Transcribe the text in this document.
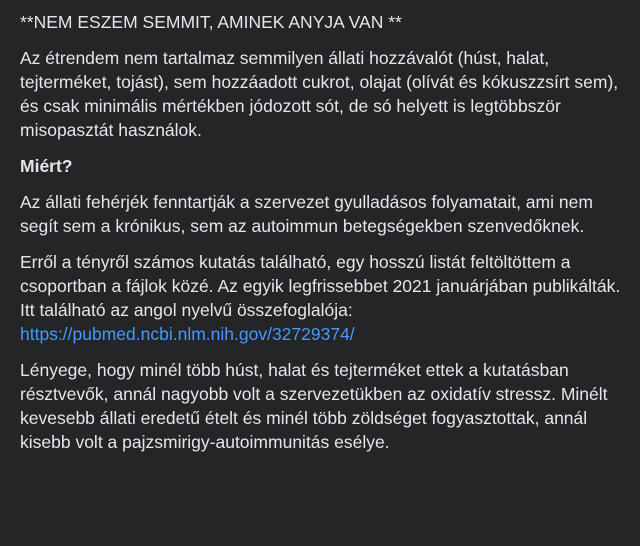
**NEM ESZEM SEMMIT, AMINEK ANYJA VAN **

Az étrendem nem tartalmaz semmilyen állati hozzávalót (húst, halat, tejterméket, tojást), sem hozzáadott cukrot, olajat (olívát és kókuszzsírt sem), és csak minimális mértékben jódozott sót, de só helyett is legtöbbször misopasztát használok.

Miért?

Az állati fehérjék fenntartják a szervezet gyulladásos folyamatait, ami nem segít sem a krónikus, sem az autoimmun betegségekben szenvedőknek.

Erről a tényről számos kutatás található, egy hosszú listát feltöltöttem a csoportban a fájlok közé. Az egyik legfrissebbet 2021 januárjában publikálták. Itt található az angol nyelvű összefoglalója:
https://pubmed.ncbi.nlm.nih.gov/32729374/

Lényege, hogy minél több húst, halat és tejterméket ettek a kutatásban résztvevők, annál nagyobb volt a szervezetükben az oxidatív stressz. Minélt kevesebb állati eredetű ételt és minél több zöldséget fogyasztottak, annál kisebb volt a pajzsmirigy-autoimmunitás esélye.
